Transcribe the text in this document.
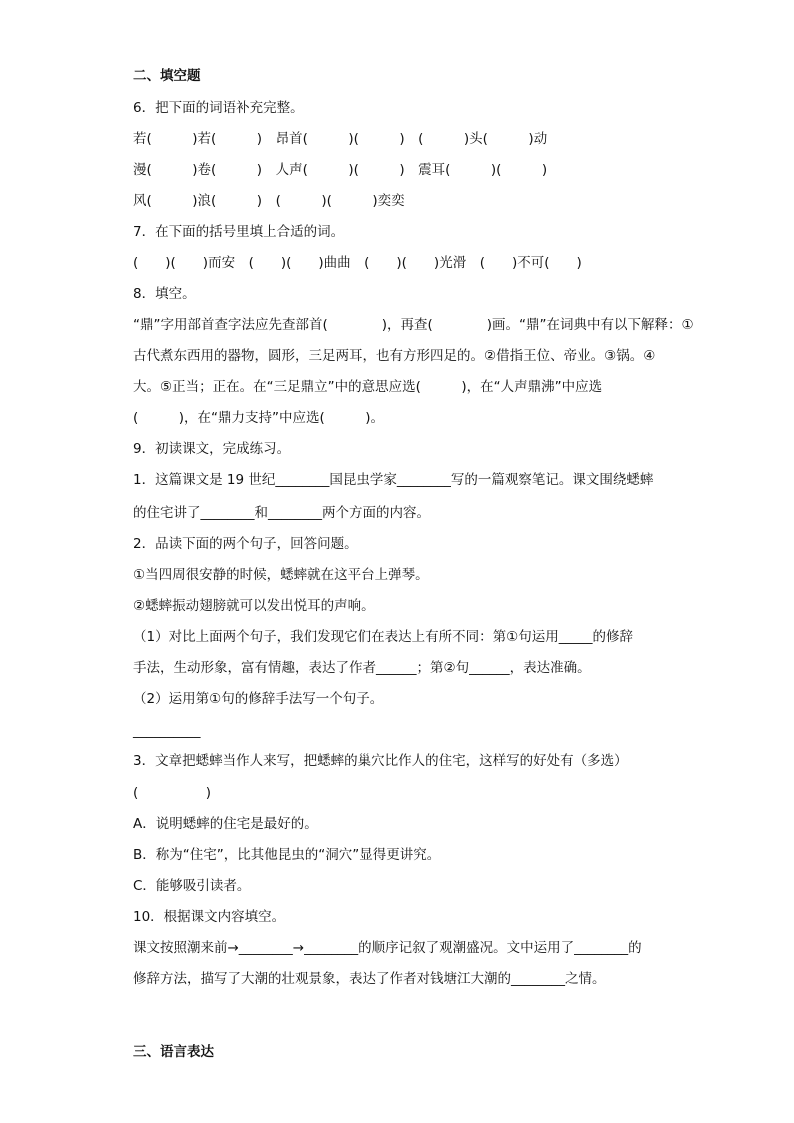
二、填空题
6．把下面的词语补充完整。
若(　　　)若(　　　)　昂首(　　　)(　　　)　(　　　)头(　　　)动
漫(　　　)卷(　　　)　人声(　　　)(　　　)　震耳(　　　)(　　　)
风(　　　)浪(　　　)　(　　　)(　　　)奕奕
7．在下面的括号里填上合适的词。
(　　)(　　)而安　(　　)(　　)曲曲　(　　)(　　)光滑　(　　)不可(　　)
8．填空。
“鼎”字用部首查字法应先查部首(　　　　)，再查(　　　　)画。“鼎”在词典中有以下解释：①
古代煮东西用的器物，圆形，三足两耳，也有方形四足的。②借指王位、帝业。③锅。④
大。⑤正当；正在。在“三足鼎立”中的意思应选(　　　)，在“人声鼎沸”中应选
(　　　)，在“鼎力支持”中应选(　　　)。
9．初读课文，完成练习。
1．这篇课文是 19 世纪________国昆虫学家________写的一篇观察笔记。课文围绕蟋蟀
的住宅讲了________和________两个方面的内容。
2．品读下面的两个句子，回答问题。
①当四周很安静的时候，蟋蟀就在这平台上弹琴。
②蟋蟀振动翅膀就可以发出悦耳的声响。
（1）对比上面两个句子，我们发现它们在表达上有所不同：第①句运用_____的修辞
手法，生动形象，富有情趣，表达了作者______；第②句______，表达准确。
（2）运用第①句的修辞手法写一个句子。
__________
3．文章把蟋蟀当作人来写，把蟋蟀的巢穴比作人的住宅，这样写的好处有（多选）
(　　　　　)
A．说明蟋蟀的住宅是最好的。
B．称为“住宅”，比其他昆虫的“洞穴”显得更讲究。
C．能够吸引读者。
10．根据课文内容填空。
课文按照潮来前→________→________的顺序记叙了观潮盛况。文中运用了________的
修辞方法，描写了大潮的壮观景象，表达了作者对钱塘江大潮的________之情。
三、语言表达
